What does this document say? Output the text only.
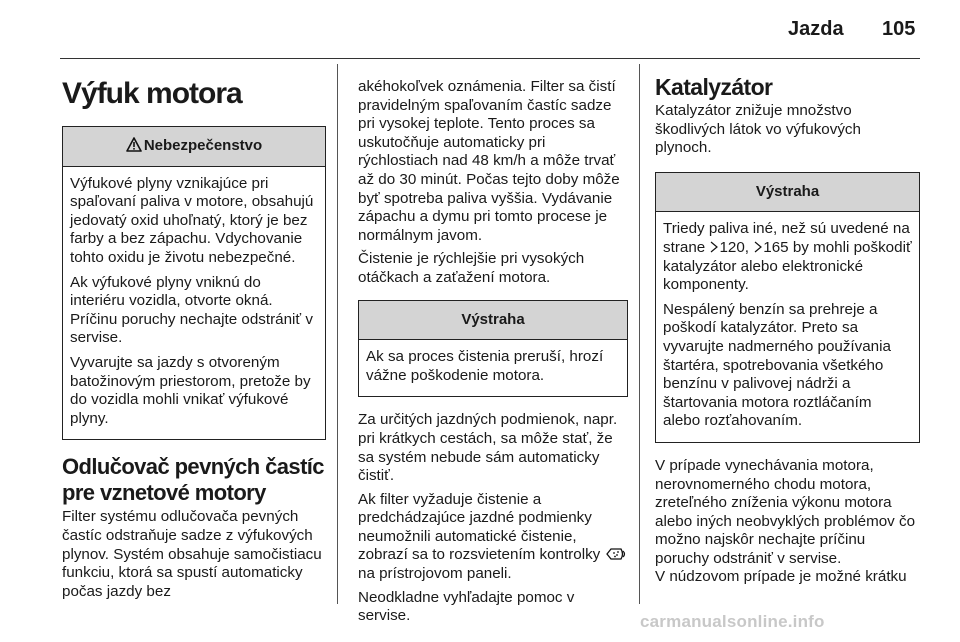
Jazda 105
Výfuk motora
Nebezpečenstvo

Výfukové plyny vznikajúce pri spaľovaní paliva v motore, obsahujú jedovatý oxid uhoľnatý, ktorý je bez farby a bez zápachu. Vdychovanie tohto oxidu je životu nebezpečné.

Ak výfukové plyny vniknú do interiéru vozidla, otvorte okná. Príčinu poruchy nechajte odstrániť v servise.

Vyvarujte sa jazdy s otvoreným batožinovým priestorom, pretože by do vozidla mohli vnikať výfukové plyny.

Odlučovač pevných častíc pre vznetové motory

Filter systému odlučovača pevných častíc odstraňuje sadze z výfukových plynov. Systém obsahuje samočistiacu funkciu, ktorá sa spustí automaticky počas jazdy bez

akéhokoľvek oznámenia. Filter sa čistí pravidelným spaľovaním častíc sadze pri vysokej teplote. Tento proces sa uskutočňuje automaticky pri rýchlostiach nad 48 km/h a môže trvať až do 30 minút. Počas tejto doby môže byť spotreba paliva vyššia. Vydávanie zápachu a dymu pri tomto procese je normálnym javom.

Čistenie je rýchlejšie pri vysokých otáčkach a zaťažení motora.

Výstraha

Ak sa proces čistenia preruší, hrozí vážne poškodenie motora.

Za určitých jazdných podmienok, napr. pri krátkych cestách, sa môže stať, že sa systém nebude sám automaticky čistiť.

Ak filter vyžaduje čistenie a predchádzajúce jazdné podmienky neumožnili automatické čistenie, zobrazí sa to rozsvietením kontrolky  na prístrojovom paneli.

Neodkladne vyhľadajte pomoc v servise.

Katalyzátor

Katalyzátor znižuje množstvo škodlivých látok vo výfukových plynoch.

Výstraha

Triedy paliva iné, než sú uvedené na strane 120, 165 by mohli poškodiť katalyzátor alebo elektronické komponenty.

Nespálený benzín sa prehreje a poškodí katalyzátor. Preto sa vyvarujte nadmerného používania štartéra, spotrebovania všetkého benzínu v palivovej nádrži a štartovania motora roztláčaním alebo rozťahovaním.

V prípade vynechávania motora, nerovnomerného chodu motora, zreteľného zníženia výkonu motora alebo iných neobvyklých problémov čo možno najskôr nechajte príčinu poruchy odstrániť v servise.

V núdzovom prípade je možné krátku

carmanualsonline.info
